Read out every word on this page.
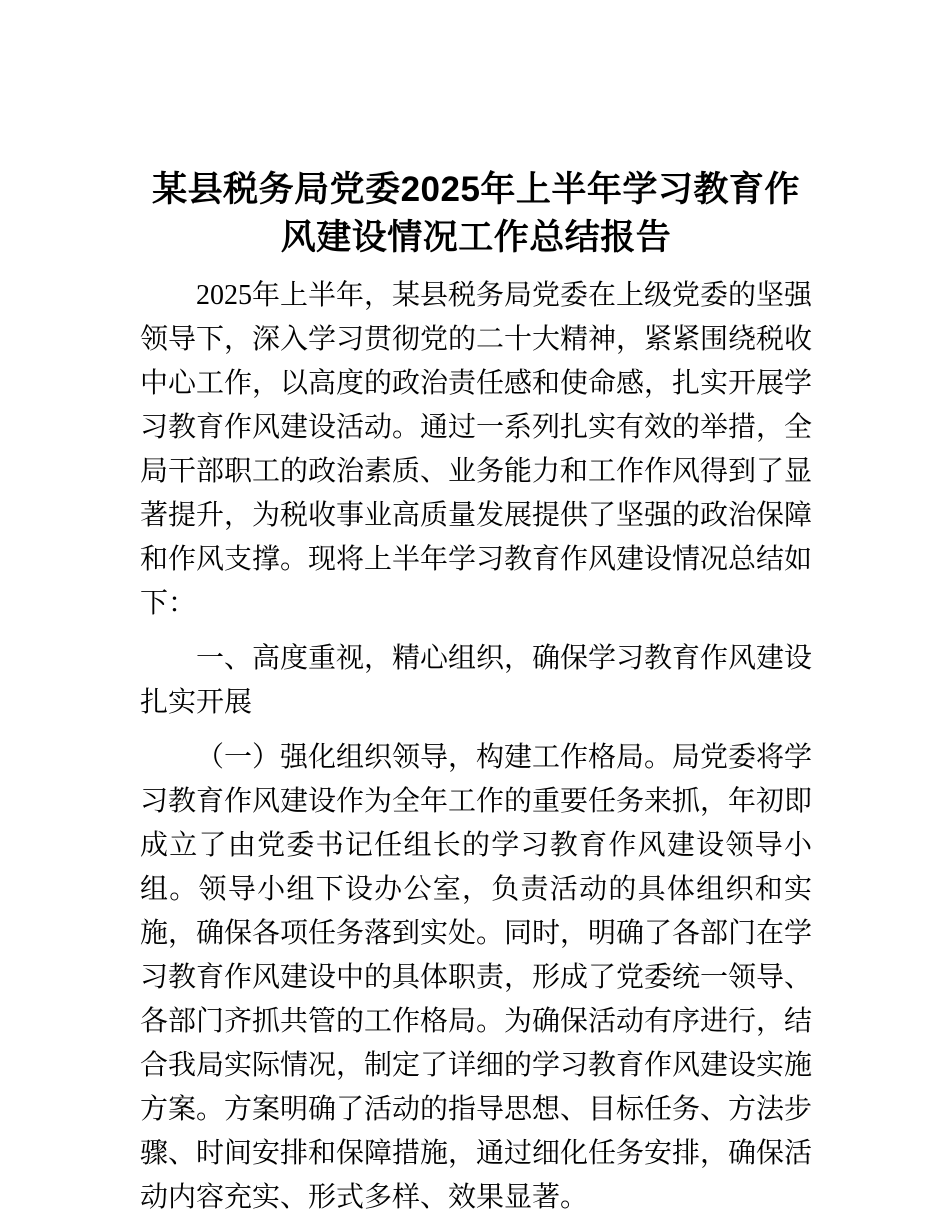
某县税务局党委2025年上半年学习教育作风建设情况工作总结报告

2025年上半年，某县税务局党委在上级党委的坚强领导下，深入学习贯彻党的二十大精神，紧紧围绕税收中心工作，以高度的政治责任感和使命感，扎实开展学习教育作风建设活动。通过一系列扎实有效的举措，全局干部职工的政治素质、业务能力和工作作风得到了显著提升，为税收事业高质量发展提供了坚强的政治保障和作风支撑。现将上半年学习教育作风建设情况总结如下：

一、高度重视，精心组织，确保学习教育作风建设扎实开展

（一）强化组织领导，构建工作格局。局党委将学习教育作风建设作为全年工作的重要任务来抓，年初即成立了由党委书记任组长的学习教育作风建设领导小组。领导小组下设办公室，负责活动的具体组织和实施，确保各项任务落到实处。同时，明确了各部门在学习教育作风建设中的具体职责，形成了党委统一领导、各部门齐抓共管的工作格局。为确保活动有序进行，结合我局实际情况，制定了详细的学习教育作风建设实施方案。方案明确了活动的指导思想、目标任务、方法步骤、时间安排和保障措施，通过细化任务安排，确保活动内容充实、形式多样、效果显著。
